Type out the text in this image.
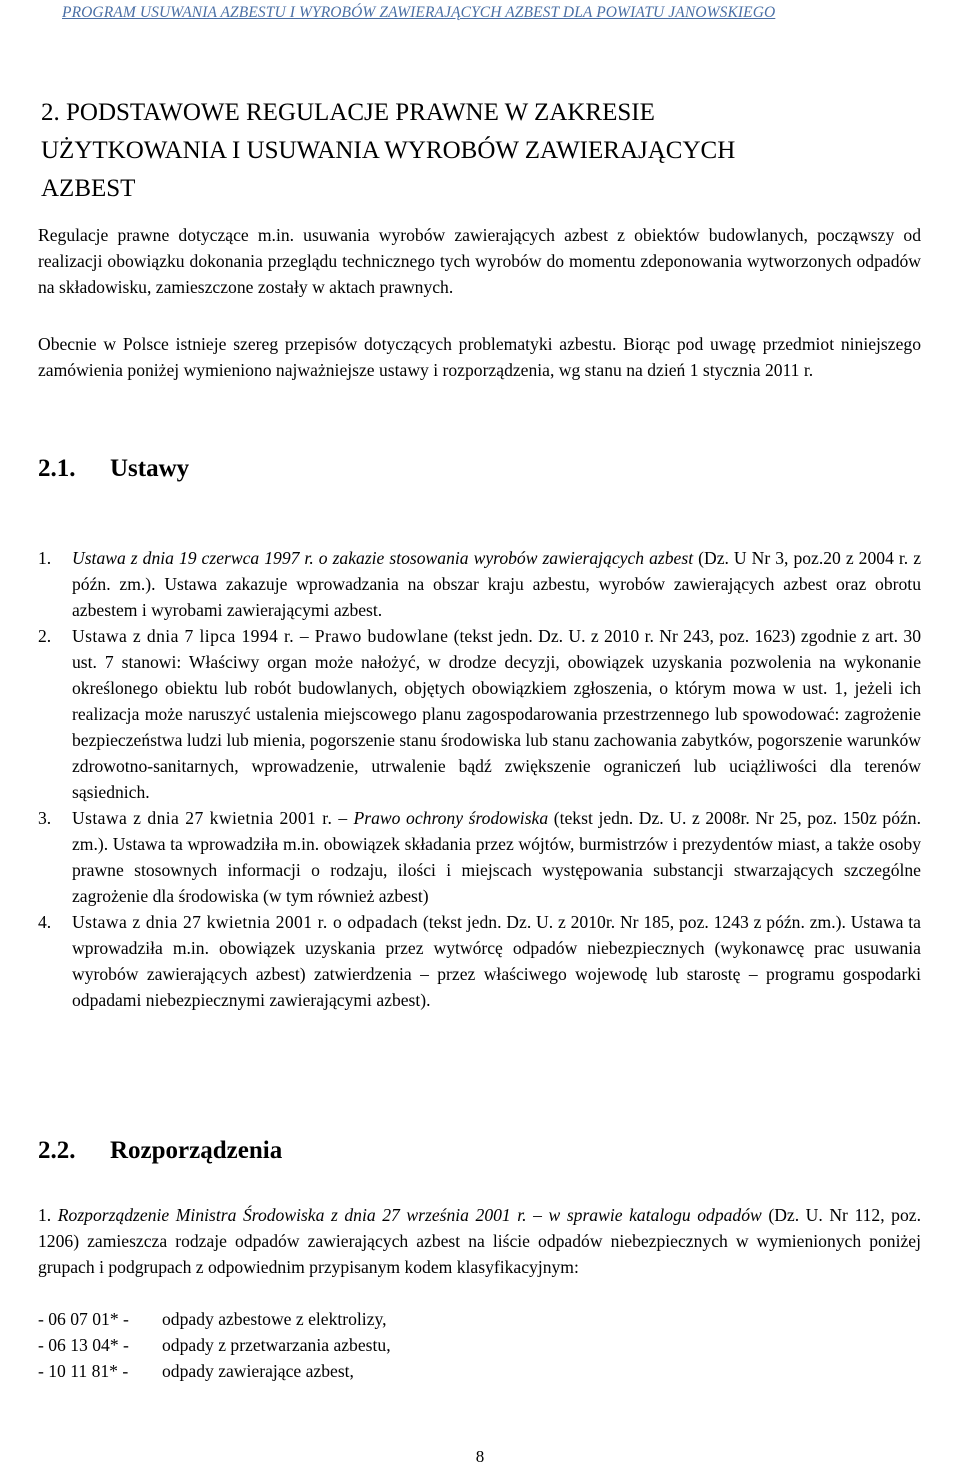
PROGRAM USUWANIA AZBESTU I WYROBÓW ZAWIERAJĄCYCH AZBEST DLA POWIATU JANOWSKIEGO
2. PODSTAWOWE REGULACJE PRAWNE W ZAKRESIE
UŻYTKOWANIA I USUWANIA WYROBÓW ZAWIERAJĄCYCH
AZBEST
Regulacje prawne dotyczące m.in. usuwania wyrobów zawierających azbest z obiektów budowlanych, począwszy od realizacji obowiązku dokonania przeglądu technicznego tych wyrobów do momentu zdeponowania wytworzonych odpadów na składowisku, zamieszczone zostały w aktach prawnych.
Obecnie w Polsce istnieje szereg przepisów dotyczących problematyki azbestu. Biorąc pod uwagę przedmiot niniejszego zamówienia poniżej wymieniono najważniejsze ustawy i rozporządzenia, wg stanu na dzień 1 stycznia 2011 r.
2.1. Ustawy
1. Ustawa z dnia 19 czerwca 1997 r. o zakazie stosowania wyrobów zawierających azbest (Dz. U Nr 3, poz.20 z 2004 r. z późn. zm.). Ustawa zakazuje wprowadzania na obszar kraju azbestu, wyrobów zawierających azbest oraz obrotu azbestem i wyrobami zawierającymi azbest.
2. Ustawa z dnia 7 lipca 1994 r. – Prawo budowlane (tekst jedn. Dz. U. z 2010 r. Nr 243, poz. 1623) zgodnie z art. 30 ust. 7 stanowi: Właściwy organ może nałożyć, w drodze decyzji, obowiązek uzyskania pozwolenia na wykonanie określonego obiektu lub robót budowlanych, objętych obowiązkiem zgłoszenia, o którym mowa w ust. 1, jeżeli ich realizacja może naruszyć ustalenia miejscowego planu zagospodarowania przestrzennego lub spowodować: zagrożenie bezpieczeństwa ludzi lub mienia, pogorszenie stanu środowiska lub stanu zachowania zabytków, pogorszenie warunków zdrowotno-sanitarnych, wprowadzenie, utrwalenie bądź zwiększenie ograniczeń lub uciążliwości dla terenów sąsiednich.
3. Ustawa z dnia 27 kwietnia 2001 r. – Prawo ochrony środowiska (tekst jedn. Dz. U. z 2008r. Nr 25, poz. 150z późn. zm.). Ustawa ta wprowadziła m.in. obowiązek składania przez wójtów, burmistrzów i prezydentów miast, a także osoby prawne stosownych informacji o rodzaju, ilości i miejscach występowania substancji stwarzających szczególne zagrożenie dla środowiska (w tym również azbest)
4. Ustawa z dnia 27 kwietnia 2001 r. o odpadach (tekst jedn. Dz. U. z 2010r. Nr 185, poz. 1243 z późn. zm.). Ustawa ta wprowadziła m.in. obowiązek uzyskania przez wytwórcę odpadów niebezpiecznych (wykonawcę prac usuwania wyrobów zawierających azbest) zatwierdzenia – przez właściwego wojewodę lub starostę – programu gospodarki odpadami niebezpiecznymi zawierającymi azbest).
2.2. Rozporządzenia
1. Rozporządzenie Ministra Środowiska z dnia 27 września 2001 r. – w sprawie katalogu odpadów (Dz. U. Nr 112, poz. 1206) zamieszcza rodzaje odpadów zawierających azbest na liście odpadów niebezpiecznych w wymienionych poniżej grupach i podgrupach z odpowiednim przypisanym kodem klasyfikacyjnym:
- 06 07 01* - odpady azbestowe z elektrolizy,
- 06 13 04* - odpady z przetwarzania azbestu,
- 10 11 81* - odpady zawierające azbest,
8
